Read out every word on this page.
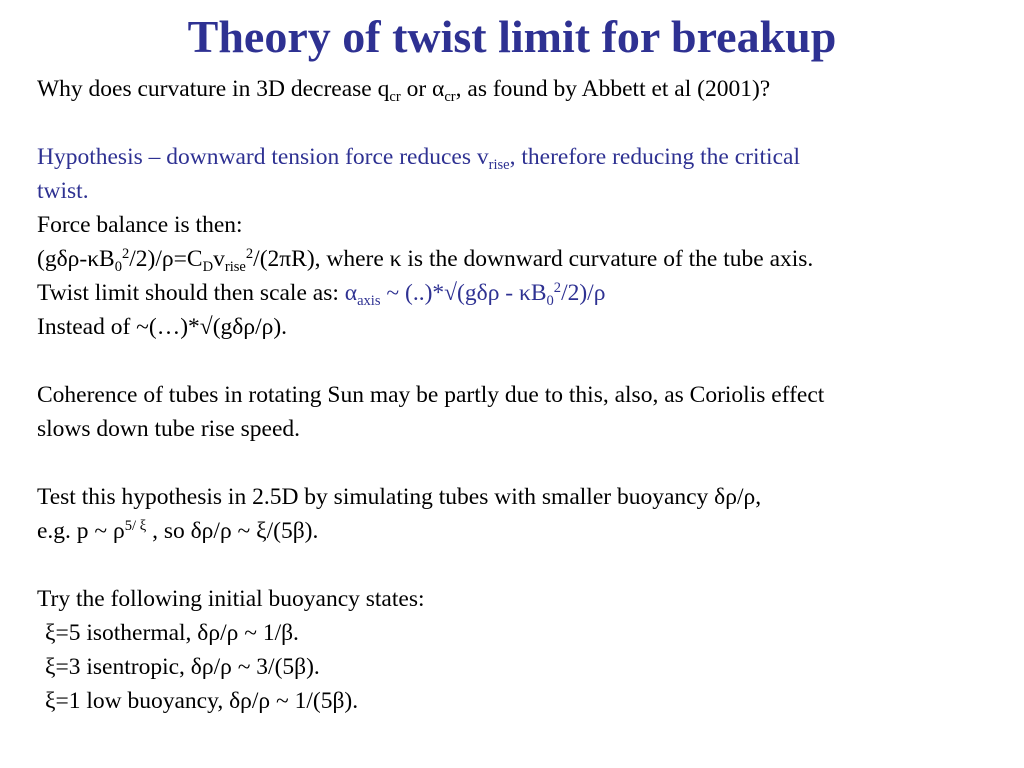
Theory of twist limit for breakup
Why does curvature in 3D decrease $q_{cr}$ or $\alpha_{cr}$, as found by Abbett et al (2001)?
Hypothesis – downward tension force reduces $v_{rise}$, therefore reducing the critical
twist.
Force balance is then:
$(g\delta\rho-\kappa B_0^2/2)/\rho=C_Dv_{rise}^2/(2\pi R)$, where κ is the downward curvature of the tube axis.
Twist limit should then scale as: $\alpha_{axis}$ ~ $(..)*√(g\delta\rho - \kappa B_0^2/2)/\rho$
Instead of ~(…)*√(gδρ/ρ).
Coherence of tubes in rotating Sun may be partly due to this, also, as Coriolis effect
slows down tube rise speed.
Test this hypothesis in 2.5D by simulating tubes with smaller buoyancy δρ/ρ,
e.g. p ~ $\rho^{5/ \xi}$ , so δρ/ρ ~ ξ/(5β).
Try the following initial buoyancy states:
ξ=5 isothermal, δρ/ρ ~ 1/β.
ξ=3 isentropic, δρ/ρ ~ 3/(5β).
ξ=1 low buoyancy, δρ/ρ ~ 1/(5β).
